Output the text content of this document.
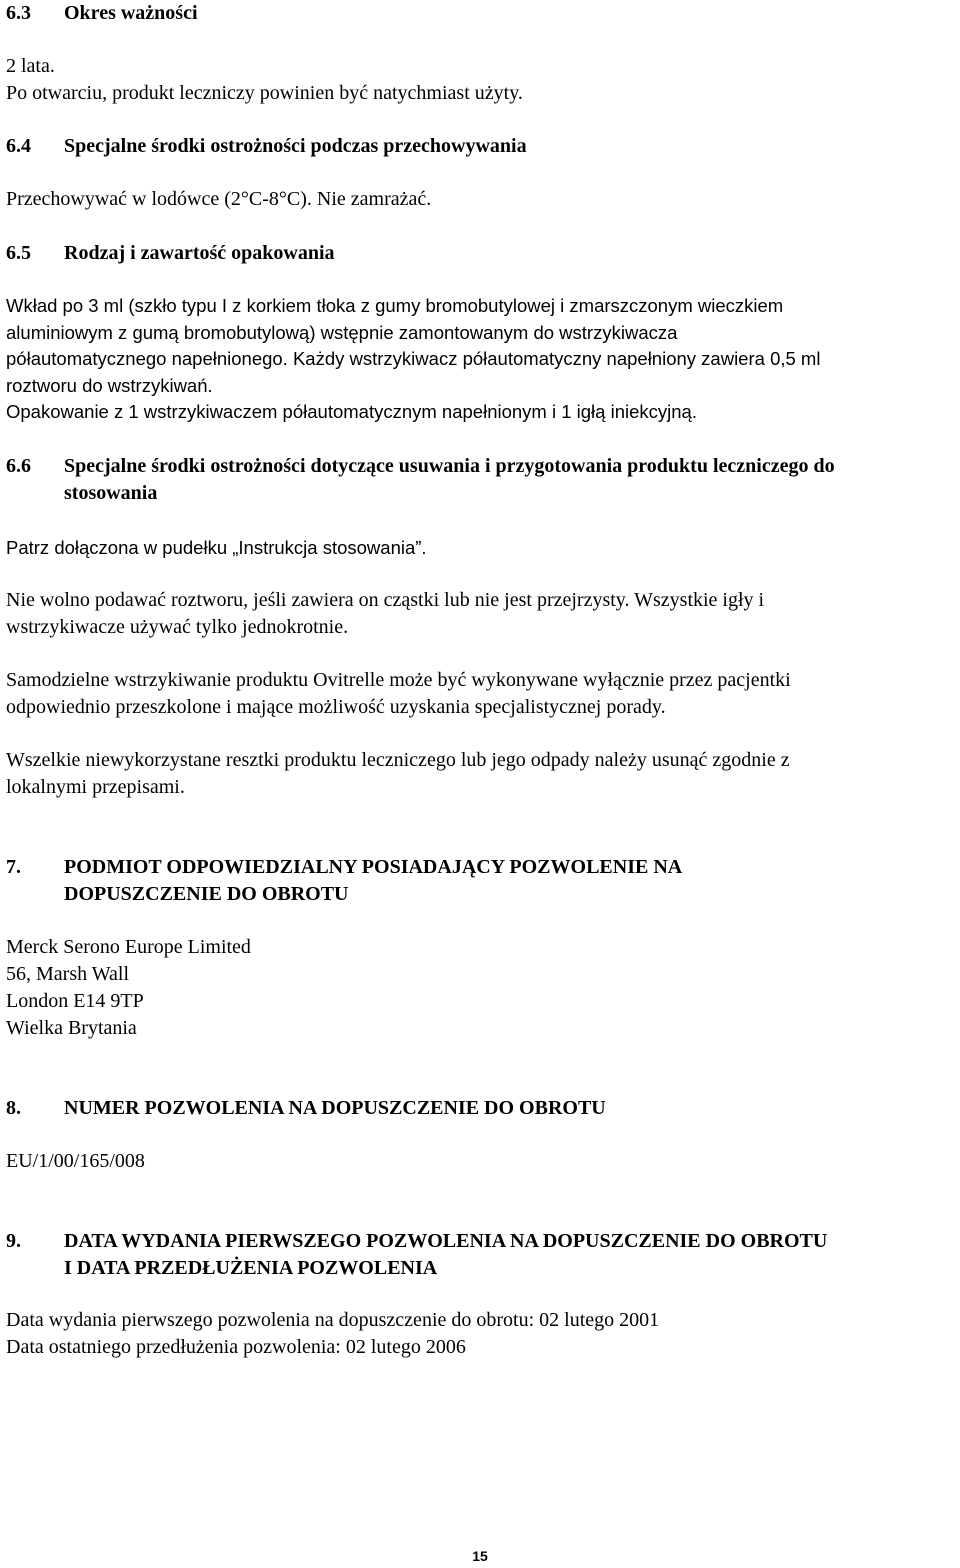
6.3 Okres ważności
2 lata.
Po otwarciu, produkt leczniczy powinien być natychmiast użyty.
6.4 Specjalne środki ostrożności podczas przechowywania
Przechowywać w lodówce (2°C-8°C). Nie zamrażać.
6.5 Rodzaj i zawartość opakowania
Wkład po 3 ml (szkło typu I z korkiem tłoka z gumy bromobutylowej i zmarszczonym wieczkiem
aluminiowym z gumą bromobutylową) wstępnie zamontowanym do wstrzykiwacza
półautomatycznego napełnionego. Każdy wstrzykiwacz półautomatyczny napełniony zawiera 0,5 ml
roztworu do wstrzykiwań.
Opakowanie z 1 wstrzykiwaczem półautomatycznym napełnionym i 1 igłą iniekcyjną.
6.6 Specjalne środki ostrożności dotyczące usuwania i przygotowania produktu leczniczego do
stosowania
Patrz dołączona w pudełku „Instrukcja stosowania”.
Nie wolno podawać roztworu, jeśli zawiera on cząstki lub nie jest przejrzysty. Wszystkie igły i
wstrzykiwacze używać tylko jednokrotnie.
Samodzielne wstrzykiwanie produktu Ovitrelle może być wykonywane wyłącznie przez pacjentki
odpowiednio przeszkolone i mające możliwość uzyskania specjalistycznej porady.
Wszelkie niewykorzystane resztki produktu leczniczego lub jego odpady należy usunąć zgodnie z
lokalnymi przepisami.
7. PODMIOT ODPOWIEDZIALNY POSIADAJĄCY POZWOLENIE NA
DOPUSZCZENIE DO OBROTU
Merck Serono Europe Limited
56, Marsh Wall
London E14 9TP
Wielka Brytania
8. NUMER POZWOLENIA NA DOPUSZCZENIE DO OBROTU
EU/1/00/165/008
9. DATA WYDANIA PIERWSZEGO POZWOLENIA NA DOPUSZCZENIE DO OBROTU
I DATA PRZEDŁUŻENIA POZWOLENIA
Data wydania pierwszego pozwolenia na dopuszczenie do obrotu: 02 lutego 2001
Data ostatniego przedłużenia pozwolenia: 02 lutego 2006
15
